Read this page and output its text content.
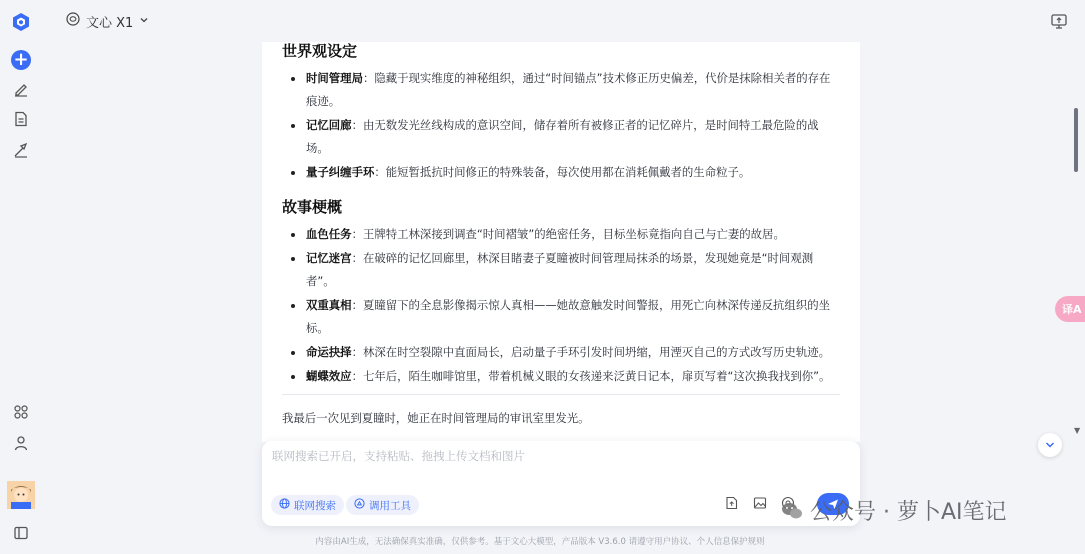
+
文心 X1
世界观设定
时间管理局：隐藏于现实维度的神秘组织，通过“时间锚点”技术修正历史偏差，代价是抹除相关者的存在痕迹。
记忆回廊：由无数发光丝线构成的意识空间，储存着所有被修正者的记忆碎片，是时间特工最危险的战场。
量子纠缠手环：能短暂抵抗时间修正的特殊装备，每次使用都在消耗佩戴者的生命粒子。
故事梗概
血色任务：王牌特工林深接到调查“时间褶皱”的绝密任务，目标坐标竟指向自己与亡妻的故居。
记忆迷宫：在破碎的记忆回廊里，林深目睹妻子夏瞳被时间管理局抹杀的场景，发现她竟是“时间观测者”。
双重真相：夏瞳留下的全息影像揭示惊人真相——她故意触发时间警报，用死亡向林深传递反抗组织的坐标。
命运抉择：林深在时空裂隙中直面局长，启动量子手环引发时间坍缩，用湮灭自己的方式改写历史轨迹。
蝴蝶效应：七年后，陌生咖啡馆里，带着机械义眼的女孩递来泛黄日记本，扉页写着“这次换我找到你”。

我最后一次见到夏瞳时，她正在时间管理局的审讯室里发光。

▼
译A
联网搜索已开启，支持粘贴、拖拽上传文档和图片
联网搜索	调用工具	公众号 · 萝卜AI笔记
内容由AI生成，无法确保真实准确，仅供参考。基于文心大模型，产品版本 V3.6.0 请遵守用户协议、个人信息保护规则
